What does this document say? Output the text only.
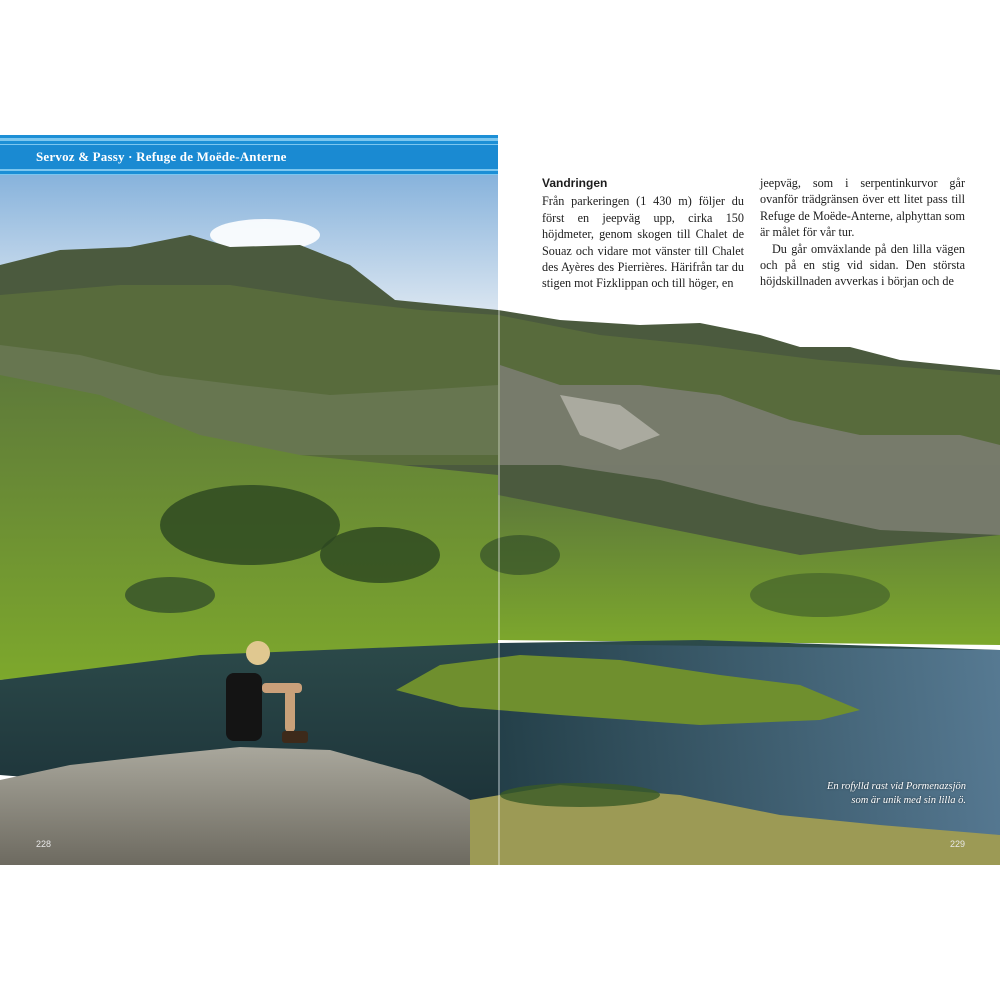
Servoz & Passy · Refuge de Moëde-Anterne
Vandringen

Från parkeringen (1 430 m) följer du först en jeepväg upp, cirka 150 höjdmeter, genom skogen till Chalet de Souaz och vidare mot vänster till Chalet des Ayères des Pierrières. Härifrån tar du stigen mot Fizklippan och till höger, en

jeepväg, som i serpentinkurvor går ovanför trädgränsen över ett litet pass till Refuge de Moëde-Anterne, alphyttan som är målet för vår tur.

Du går omväxlande på den lilla vägen och på en stig vid sidan. Den största höjdskillnaden avverkas i början och de

En rofylld rast vid Pormenazsjön som är unik med sin lilla ö.
228	229
